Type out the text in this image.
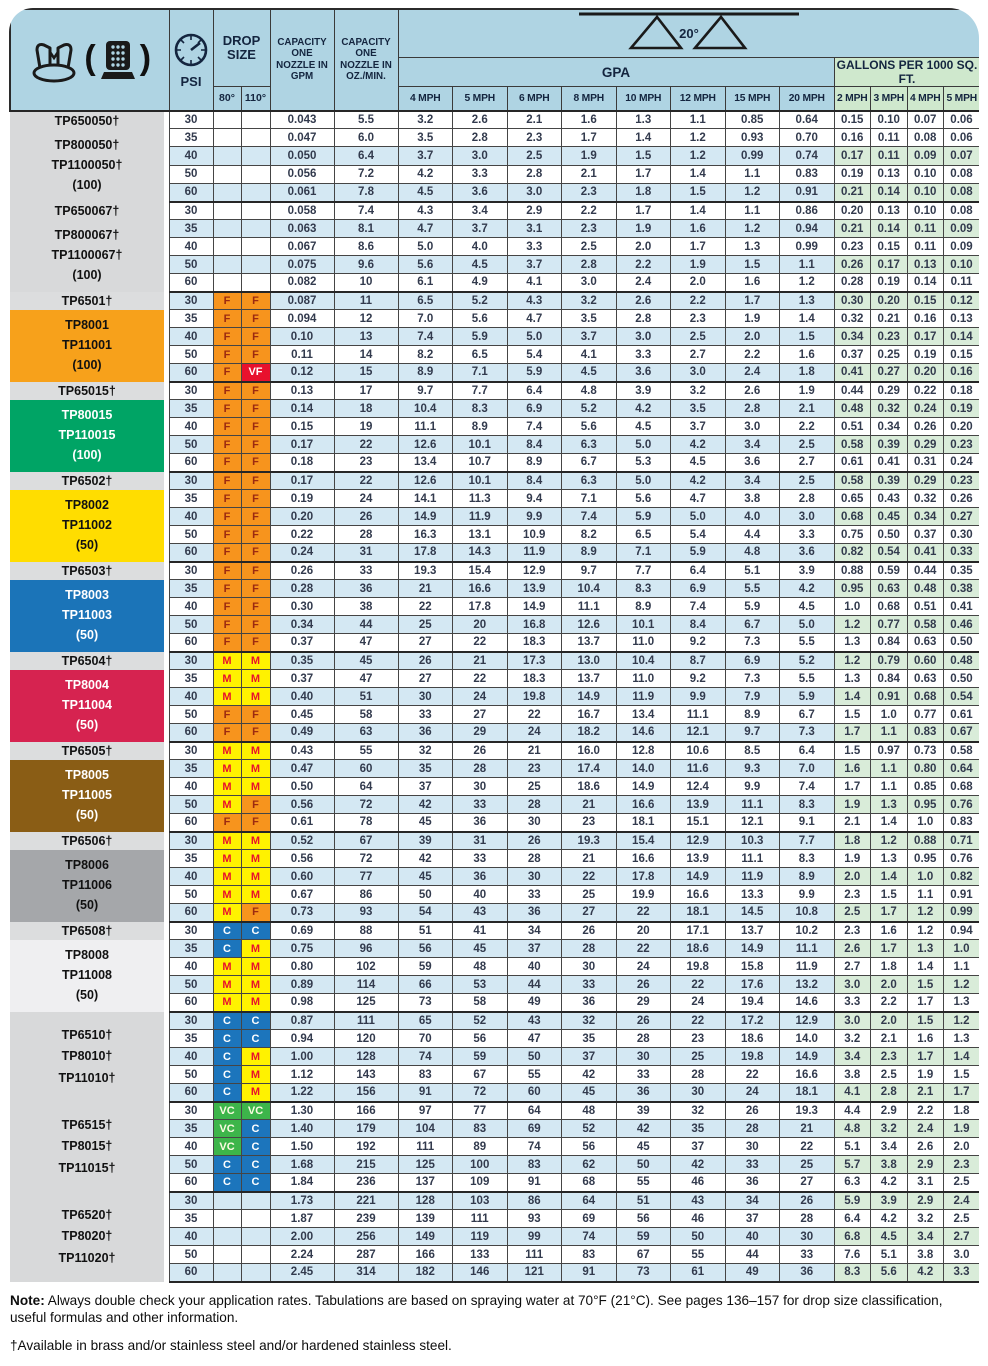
( )		PSI	DROP SIZE		CAPACITY ONE NOZZLE IN GPM	CAPACITY ONE NOZZLE IN OZ./MIN.	20°											

							GPA								GALLONS PER 1000 SQ. FT.			
			80°	110°			4 MPH	5 MPH	6 MPH	8 MPH	10 MPH	12 MPH	15 MPH	20 MPH	2 MPH	3 MPH	4 MPH	5 MPH

TP650050†
TP800050†
TP1100050†
(100)		30			0.043	5.5	3.2	2.6	2.1	1.6	1.3	1.1	0.85	0.64	0.15	0.10	0.07	0.06
		35			0.047	6.0	3.5	2.8	2.3	1.7	1.4	1.2	0.93	0.70	0.16	0.11	0.08	0.06
		40			0.050	6.4	3.7	3.0	2.5	1.9	1.5	1.2	0.99	0.74	0.17	0.11	0.09	0.07
		50			0.056	7.2	4.2	3.3	2.8	2.1	1.7	1.4	1.1	0.83	0.19	0.13	0.10	0.08
		60			0.061	7.8	4.5	3.6	3.0	2.3	1.8	1.5	1.2	0.91	0.21	0.14	0.10	0.08

TP650067†
TP800067†
TP1100067†
(100)		30			0.058	7.4	4.3	3.4	2.9	2.2	1.7	1.4	1.1	0.86	0.20	0.13	0.10	0.08
		35			0.063	8.1	4.7	3.7	3.1	2.3	1.9	1.6	1.2	0.94	0.21	0.14	0.11	0.09
		40			0.067	8.6	5.0	4.0	3.3	2.5	2.0	1.7	1.3	0.99	0.23	0.15	0.11	0.09
		50			0.075	9.6	5.6	4.5	3.7	2.8	2.2	1.9	1.5	1.1	0.26	0.17	0.13	0.10
		60			0.082	10	6.1	4.9	4.1	3.0	2.4	2.0	1.6	1.2	0.28	0.19	0.14	0.11

TP6501†
TP8001
TP11001
(100)		30	F	F	0.087	11	6.5	5.2	4.3	3.2	2.6	2.2	1.7	1.3	0.30	0.20	0.15	0.12
		35	F	F	0.094	12	7.0	5.6	4.7	3.5	2.8	2.3	1.9	1.4	0.32	0.21	0.16	0.13
		40	F	F	0.10	13	7.4	5.9	5.0	3.7	3.0	2.5	2.0	1.5	0.34	0.23	0.17	0.14
		50	F	F	0.11	14	8.2	6.5	5.4	4.1	3.3	2.7	2.2	1.6	0.37	0.25	0.19	0.15
		60	F	VF	0.12	15	8.9	7.1	5.9	4.5	3.6	3.0	2.4	1.8	0.41	0.27	0.20	0.16

TP65015†
TP80015
TP110015
(100)		30	F	F	0.13	17	9.7	7.7	6.4	4.8	3.9	3.2	2.6	1.9	0.44	0.29	0.22	0.18
		35	F	F	0.14	18	10.4	8.3	6.9	5.2	4.2	3.5	2.8	2.1	0.48	0.32	0.24	0.19
		40	F	F	0.15	19	11.1	8.9	7.4	5.6	4.5	3.7	3.0	2.2	0.51	0.34	0.26	0.20
		50	F	F	0.17	22	12.6	10.1	8.4	6.3	5.0	4.2	3.4	2.5	0.58	0.39	0.29	0.23
		60	F	F	0.18	23	13.4	10.7	8.9	6.7	5.3	4.5	3.6	2.7	0.61	0.41	0.31	0.24

TP6502†
TP8002
TP11002
(50)		30	F	F	0.17	22	12.6	10.1	8.4	6.3	5.0	4.2	3.4	2.5	0.58	0.39	0.29	0.23
		35	F	F	0.19	24	14.1	11.3	9.4	7.1	5.6	4.7	3.8	2.8	0.65	0.43	0.32	0.26
		40	F	F	0.20	26	14.9	11.9	9.9	7.4	5.9	5.0	4.0	3.0	0.68	0.45	0.34	0.27
		50	F	F	0.22	28	16.3	13.1	10.9	8.2	6.5	5.4	4.4	3.3	0.75	0.50	0.37	0.30
		60	F	F	0.24	31	17.8	14.3	11.9	8.9	7.1	5.9	4.8	3.6	0.82	0.54	0.41	0.33

TP6503†
TP8003
TP11003
(50)		30	F	F	0.26	33	19.3	15.4	12.9	9.7	7.7	6.4	5.1	3.9	0.88	0.59	0.44	0.35
		35	F	F	0.28	36	21	16.6	13.9	10.4	8.3	6.9	5.5	4.2	0.95	0.63	0.48	0.38
		40	F	F	0.30	38	22	17.8	14.9	11.1	8.9	7.4	5.9	4.5	1.0	0.68	0.51	0.41
		50	F	F	0.34	44	25	20	16.8	12.6	10.1	8.4	6.7	5.0	1.2	0.77	0.58	0.46
		60	F	F	0.37	47	27	22	18.3	13.7	11.0	9.2	7.3	5.5	1.3	0.84	0.63	0.50

TP6504†
TP8004
TP11004
(50)		30	M	M	0.35	45	26	21	17.3	13.0	10.4	8.7	6.9	5.2	1.2	0.79	0.60	0.48
		35	M	M	0.37	47	27	22	18.3	13.7	11.0	9.2	7.3	5.5	1.3	0.84	0.63	0.50
		40	M	M	0.40	51	30	24	19.8	14.9	11.9	9.9	7.9	5.9	1.4	0.91	0.68	0.54
		50	F	F	0.45	58	33	27	22	16.7	13.4	11.1	8.9	6.7	1.5	1.0	0.77	0.61
		60	F	F	0.49	63	36	29	24	18.2	14.6	12.1	9.7	7.3	1.7	1.1	0.83	0.67

TP6505†
TP8005
TP11005
(50)		30	M	M	0.43	55	32	26	21	16.0	12.8	10.6	8.5	6.4	1.5	0.97	0.73	0.58
		35	M	M	0.47	60	35	28	23	17.4	14.0	11.6	9.3	7.0	1.6	1.1	0.80	0.64
		40	M	M	0.50	64	37	30	25	18.6	14.9	12.4	9.9	7.4	1.7	1.1	0.85	0.68
		50	M	F	0.56	72	42	33	28	21	16.6	13.9	11.1	8.3	1.9	1.3	0.95	0.76
		60	F	F	0.61	78	45	36	30	23	18.1	15.1	12.1	9.1	2.1	1.4	1.0	0.83

TP6506†
TP8006
TP11006
(50)		30	M	M	0.52	67	39	31	26	19.3	15.4	12.9	10.3	7.7	1.8	1.2	0.88	0.71
		35	M	M	0.56	72	42	33	28	21	16.6	13.9	11.1	8.3	1.9	1.3	0.95	0.76
		40	M	M	0.60	77	45	36	30	22	17.8	14.9	11.9	8.9	2.0	1.4	1.0	0.82
		50	M	M	0.67	86	50	40	33	25	19.9	16.6	13.3	9.9	2.3	1.5	1.1	0.91
		60	M	F	0.73	93	54	43	36	27	22	18.1	14.5	10.8	2.5	1.7	1.2	0.99

TP6508†
TP8008
TP11008
(50)		30	C	C	0.69	88	51	41	34	26	20	17.1	13.7	10.2	2.3	1.6	1.2	0.94
		35	C	M	0.75	96	56	45	37	28	22	18.6	14.9	11.1	2.6	1.7	1.3	1.0
		40	M	M	0.80	102	59	48	40	30	24	19.8	15.8	11.9	2.7	1.8	1.4	1.1
		50	M	M	0.89	114	66	53	44	33	26	22	17.6	13.2	3.0	2.0	1.5	1.2
		60	M	M	0.98	125	73	58	49	36	29	24	19.4	14.6	3.3	2.2	1.7	1.3

TP6510†
TP8010†
TP11010†		30	C	C	0.87	111	65	52	43	32	26	22	17.2	12.9	3.0	2.0	1.5	1.2
		35	C	C	0.94	120	70	56	47	35	28	23	18.6	14.0	3.2	2.1	1.6	1.3
		40	C	M	1.00	128	74	59	50	37	30	25	19.8	14.9	3.4	2.3	1.7	1.4
		50	C	M	1.12	143	83	67	55	42	33	28	22	16.6	3.8	2.5	1.9	1.5
		60	C	M	1.22	156	91	72	60	45	36	30	24	18.1	4.1	2.8	2.1	1.7

TP6515†
TP8015†
TP11015†		30	VC	VC	1.30	166	97	77	64	48	39	32	26	19.3	4.4	2.9	2.2	1.8
		35	VC	C	1.40	179	104	83	69	52	42	35	28	21	4.8	3.2	2.4	1.9
		40	VC	C	1.50	192	111	89	74	56	45	37	30	22	5.1	3.4	2.6	2.0
		50	C	C	1.68	215	125	100	83	62	50	42	33	25	5.7	3.8	2.9	2.3
		60	C	C	1.84	236	137	109	91	68	55	46	36	27	6.3	4.2	3.1	2.5

TP6520†
TP8020†
TP11020†		30			1.73	221	128	103	86	64	51	43	34	26	5.9	3.9	2.9	2.4
		35			1.87	239	139	111	93	69	56	46	37	28	6.4	4.2	3.2	2.5
		40			2.00	256	149	119	99	74	59	50	40	30	6.8	4.5	3.4	2.7
		50			2.24	287	166	133	111	83	67	55	44	33	7.6	5.1	3.8	3.0
		60			2.45	314	182	146	121	91	73	61	49	36	8.3	5.6	4.2	3.3

Note: Always double check your application rates. Tabulations are based on spraying water at 70°F (21°C). See pages 136–157 for drop size classification, useful formulas and other information.

†Available in brass and/or stainless steel and/or hardened stainless steel.
